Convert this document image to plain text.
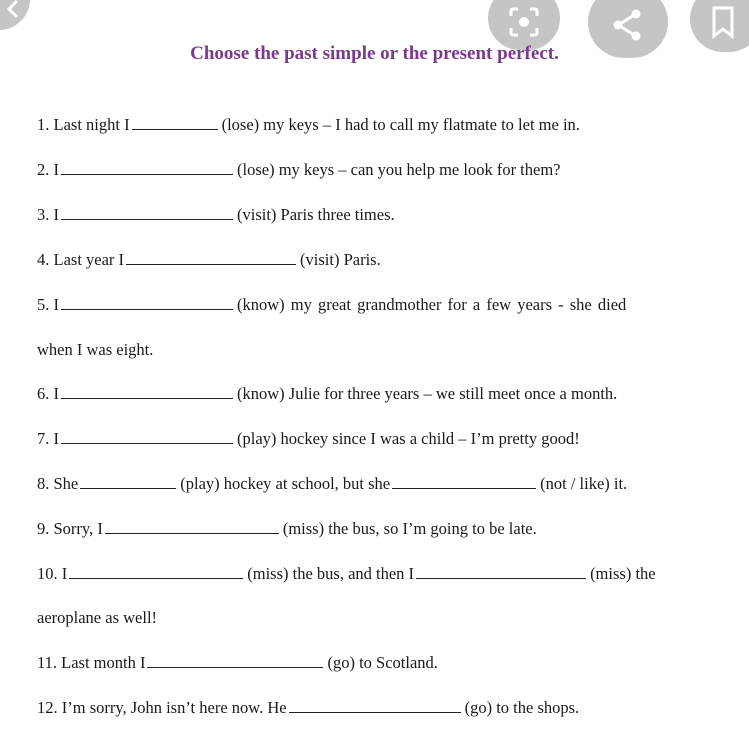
Choose the past simple or the present perfect.
1. Last night I	(lose) my keys – I had to call my flatmate to let me in.
2. I	(lose) my keys – can you help me look for them?
3. I	(visit) Paris three times.
4. Last year I	(visit) Paris.
5. I	(know) my great grandmother for a few years - she died
when I was eight.
6. I	(know) Julie for three years – we still meet once a month.
7. I	(play) hockey since I was a child – I’m pretty good!
8. She	(play) hockey at school, but she	(not / like) it.
9. Sorry, I	(miss) the bus, so I’m going to be late.
10. I	(miss) the bus, and then I	(miss) the
aeroplane as well!
11. Last month I	(go) to Scotland.
12. I’m sorry, John isn’t here now. He	(go) to the shops.
